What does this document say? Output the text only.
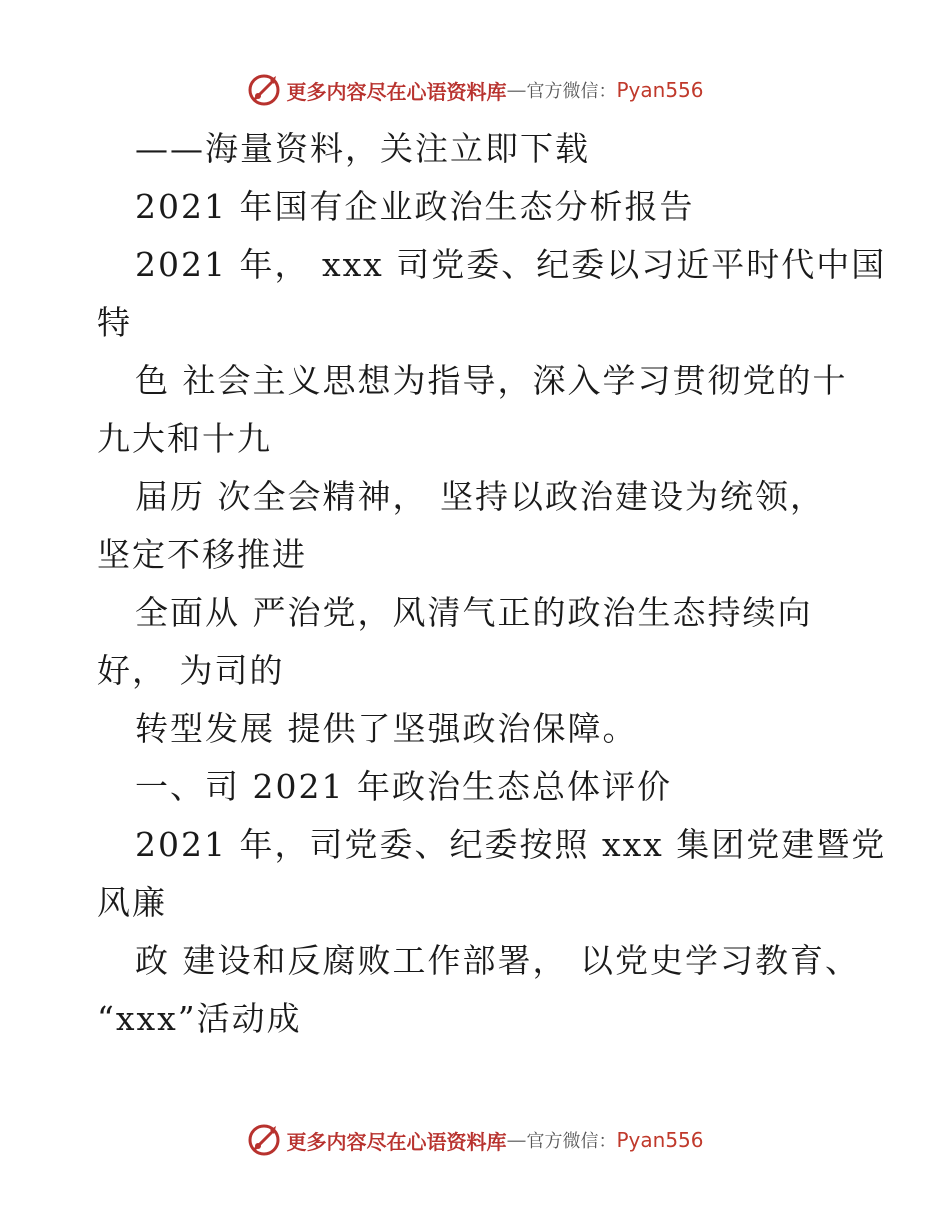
更多内容尽在心语资料库 — 官方微信： Pyan556
——海量资料，关注立即下载
2021 年国有企业政治生态分析报告
2021 年， xxx 司党委、纪委以习近平时代中国
特
色 社会主义思想为指导，深入学习贯彻党的十
九大和十九
届历 次全会精神， 坚持以政治建设为统领，
坚定不移推进
全面从 严治党，风清气正的政治生态持续向
好， 为司的
转型发展 提供了坚强政治保障。
一、司 2021 年政治生态总体评价
2021 年，司党委、纪委按照 xxx 集团党建暨党
风廉
政 建设和反腐败工作部署， 以党史学习教育、
“xxx”活动成
更多内容尽在心语资料库 — 官方微信： Pyan556
